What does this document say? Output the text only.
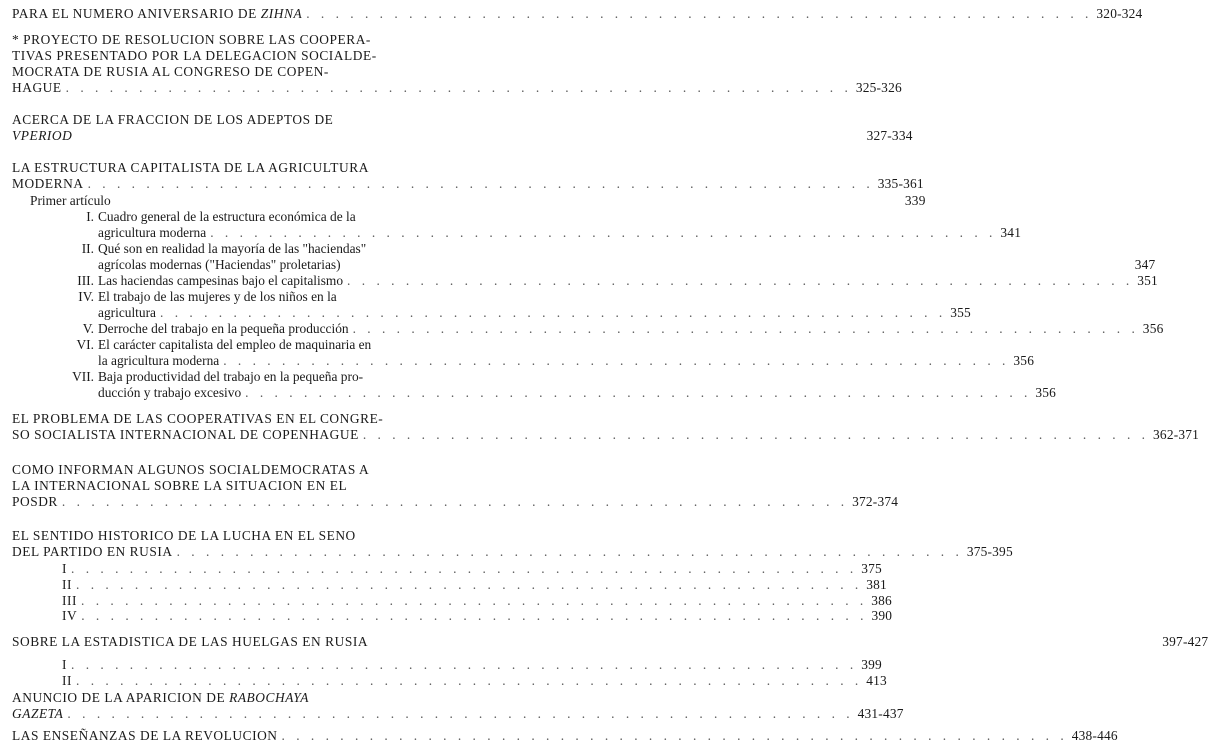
PARA EL NUMERO ANIVERSARIO DE ZIHNA . . . . . . . . . . . . . . . . . . . . . . . . . . . . . . . . . . . . . . . . . . . . . . . . . . . . . . 320-324
* PROYECTO DE RESOLUCION SOBRE LAS COOPERA-
TIVAS PRESENTADO POR LA DELEGACION SOCIALDE-
MOCRATA DE RUSIA AL CONGRESO DE COPEN-
HAGUE . . . . . . . . . . . . . . . . . . . . . . . . . . . . . . . . . . . . . . . . . . . . . . . . . . . . . . 325-326
ACERCA DE LA FRACCION DE LOS ADEPTOS DE
VPERIOD	327-334
LA ESTRUCTURA CAPITALISTA DE LA AGRICULTURA
MODERNA . . . . . . . . . . . . . . . . . . . . . . . . . . . . . . . . . . . . . . . . . . . . . . . . . . . . . . 335-361
Primer artículo	339
I. Cuadro general de la estructura económica de la
agricultura moderna . . . . . . . . . . . . . . . . . . . . . . . . . . . . . . . . . . . . . . . . . . . . . . . . . . . . . . 341
II. Qué son en realidad la mayoría de las "haciendas"
agrícolas modernas ("Haciendas" proletarias)	347
III. Las haciendas campesinas bajo el capitalismo . . . . . . . . . . . . . . . . . . . . . . . . . . . . . . . . . . . . . . . . . . . . . . . . . . . . . . 351
IV. El trabajo de las mujeres y de los niños en la
agricultura . . . . . . . . . . . . . . . . . . . . . . . . . . . . . . . . . . . . . . . . . . . . . . . . . . . . . . 355
V. Derroche del trabajo en la pequeña producción . . . . . . . . . . . . . . . . . . . . . . . . . . . . . . . . . . . . . . . . . . . . . . . . . . . . . . 356
VI. El carácter capitalista del empleo de maquinaria en
la agricultura moderna . . . . . . . . . . . . . . . . . . . . . . . . . . . . . . . . . . . . . . . . . . . . . . . . . . . . . . 356
VII. Baja productividad del trabajo en la pequeña pro-
ducción y trabajo excesivo . . . . . . . . . . . . . . . . . . . . . . . . . . . . . . . . . . . . . . . . . . . . . . . . . . . . . . 356
EL PROBLEMA DE LAS COOPERATIVAS EN EL CONGRE-
SO SOCIALISTA INTERNACIONAL DE COPENHAGUE . . . . . . . . . . . . . . . . . . . . . . . . . . . . . . . . . . . . . . . . . . . . . . . . . . . . . . 362-371
COMO INFORMAN ALGUNOS SOCIALDEMOCRATAS A
LA INTERNACIONAL SOBRE LA SITUACION EN EL
POSDR . . . . . . . . . . . . . . . . . . . . . . . . . . . . . . . . . . . . . . . . . . . . . . . . . . . . . . 372-374
EL SENTIDO HISTORICO DE LA LUCHA EN EL SENO
DEL PARTIDO EN RUSIA . . . . . . . . . . . . . . . . . . . . . . . . . . . . . . . . . . . . . . . . . . . . . . . . . . . . . . 375-395
I . . . . . . . . . . . . . . . . . . . . . . . . . . . . . . . . . . . . . . . . . . . . . . . . . . . . . . 375
II . . . . . . . . . . . . . . . . . . . . . . . . . . . . . . . . . . . . . . . . . . . . . . . . . . . . . . 381
III . . . . . . . . . . . . . . . . . . . . . . . . . . . . . . . . . . . . . . . . . . . . . . . . . . . . . . 386
IV . . . . . . . . . . . . . . . . . . . . . . . . . . . . . . . . . . . . . . . . . . . . . . . . . . . . . . 390
SOBRE LA ESTADISTICA DE LAS HUELGAS EN RUSIA	397-427
I . . . . . . . . . . . . . . . . . . . . . . . . . . . . . . . . . . . . . . . . . . . . . . . . . . . . . . 399
II . . . . . . . . . . . . . . . . . . . . . . . . . . . . . . . . . . . . . . . . . . . . . . . . . . . . . . 413
ANUNCIO DE LA APARICION DE RABOCHAYA
GAZETA . . . . . . . . . . . . . . . . . . . . . . . . . . . . . . . . . . . . . . . . . . . . . . . . . . . . . . 431-437
LAS ENSEÑANZAS DE LA REVOLUCION . . . . . . . . . . . . . . . . . . . . . . . . . . . . . . . . . . . . . . . . . . . . . . . . . . . . . . 438-446
